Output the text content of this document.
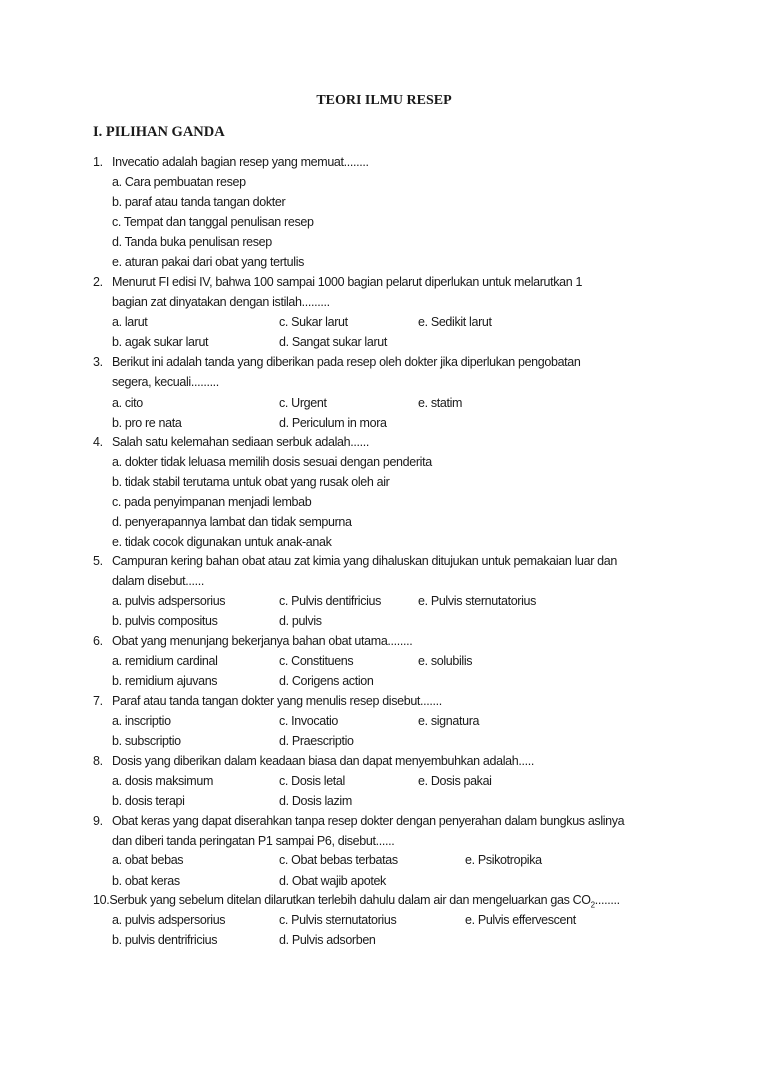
TEORI ILMU RESEP
I. PILIHAN GANDA
1. Invecatio adalah bagian resep yang memuat........
a. Cara pembuatan resep
b. paraf atau tanda tangan dokter
c. Tempat dan tanggal penulisan resep
d. Tanda buka penulisan resep
e. aturan pakai dari obat yang tertulis
2. Menurut FI edisi IV, bahwa 100 sampai 1000 bagian pelarut diperlukan untuk melarutkan 1
bagian zat dinyatakan dengan istilah.........
a. larut	c. Sukar larut	e. Sedikit larut
b. agak sukar larut	d. Sangat sukar larut
3. Berikut ini adalah tanda yang diberikan pada resep oleh dokter jika diperlukan pengobatan
segera, kecuali.........
a. cito	c. Urgent	e. statim
b. pro re nata	d. Periculum in mora
4. Salah satu kelemahan sediaan serbuk adalah......
a. dokter tidak leluasa memilih dosis sesuai dengan penderita
b. tidak stabil terutama untuk obat yang rusak oleh air
c. pada penyimpanan menjadi lembab
d. penyerapannya lambat dan tidak sempurna
e. tidak cocok digunakan untuk anak-anak
5. Campuran kering bahan obat atau zat kimia yang dihaluskan ditujukan untuk pemakaian luar dan
dalam disebut......
a. pulvis adspersorius	c. Pulvis dentifricius	e. Pulvis sternutatorius
b. pulvis compositus	d. pulvis
6. Obat yang menunjang bekerjanya bahan obat utama........
a. remidium cardinal	c. Constituens	e. solubilis
b. remidium ajuvans	d. Corigens action
7. Paraf atau tanda tangan dokter yang menulis resep disebut.......
a. inscriptio	c. Invocatio	e. signatura
b. subscriptio	d. Praescriptio
8. Dosis yang diberikan dalam keadaan biasa dan dapat menyembuhkan adalah.....
a. dosis maksimum	c. Dosis letal	e. Dosis pakai
b. dosis terapi	d. Dosis lazim
9. Obat keras yang dapat diserahkan tanpa resep dokter dengan penyerahan dalam bungkus aslinya
dan diberi tanda peringatan P1 sampai P6, disebut......
a. obat bebas	c. Obat bebas terbatas	e. Psikotropika
b. obat keras	d. Obat wajib apotek
10.Serbuk yang sebelum ditelan dilarutkan terlebih dahulu dalam air dan mengeluarkan gas $CO_2$........
a. pulvis adspersorius	c. Pulvis sternutatorius	e. Pulvis effervescent
b. pulvis dentrifricius	d. Pulvis adsorben
